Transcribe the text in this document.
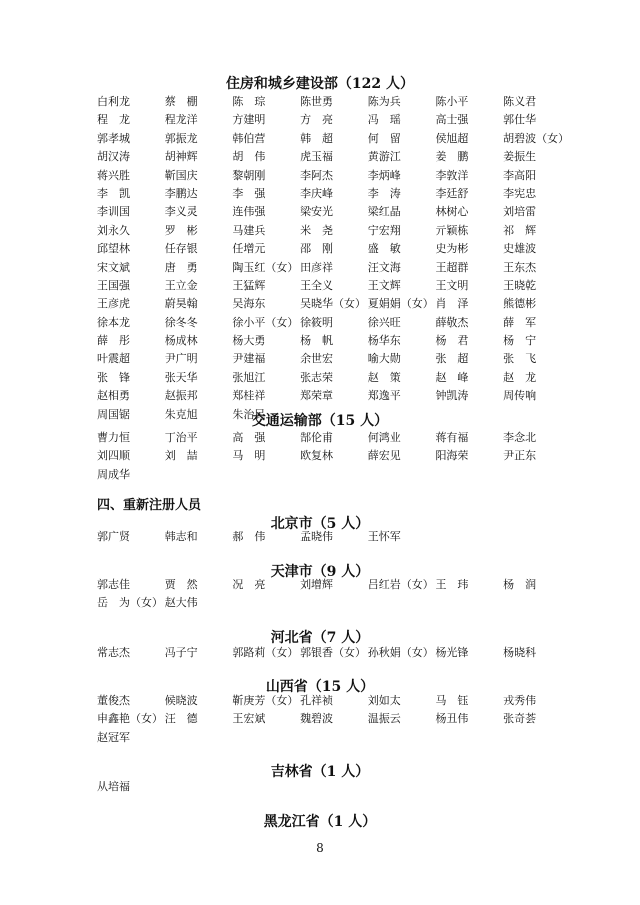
住房和城乡建设部（122 人）
白利龙	蔡　棚	陈　琮	陈世勇	陈为兵	陈小平	陈义君
程　龙	程龙洋	方建明	方　亮	冯　瑶	高士强	郭仕华
郭孝城	郭振龙	韩伯营	韩　超	何　留	侯旭超	胡碧波（女）
胡汉涛	胡神辉	胡　伟	虎玉福	黄游江	姜　鹏	姜振生
蒋兴胜	靳国庆	黎朝刚	李阿杰	李炳峰	李敦洋	李高阳
李　凯	李鹏达	李　强	李庆峰	李　涛	李廷舒	李宪忠
李训国	李义灵	连伟强	梁安光	梁红晶	林树心	刘培雷
刘永久	罗　彬	马建兵	米　尧	宁宏翔	亓颖栋	祁　辉
邱望林	任存银	任增元	邵　刚	盛　敏	史为彬	史雄波
宋文斌	唐　勇	陶玉红（女） 田彦祥	汪文海	王超群	王东杰
王国强	王立金	王猛辉	王全义	王文辉	王文明	王晓乾
王彦虎	蔚昊翰	吴海东	吴晓华（女） 夏娟娟（女） 肖　泽	熊德彬
徐本龙	徐冬冬	徐小平（女） 徐筱明	徐兴旺	薛敬杰	薛　军
薛　彤	杨成林	杨大勇	杨　帆	杨华东	杨　君	杨　宁
叶震超	尹广明	尹建福	余世宏	喻大勋	张　超	张　飞
张　锋	张天华	张旭江	张志荣	赵　策	赵　峰	赵　龙
赵相勇	赵振邦	郑桂祥	郑荣章	郑逸平	钟凯涛	周传响
周国锯	朱克旭	朱治民
交通运输部（15 人）
曹力恒	丁治平	高　强	郜伦甫	何鸿业	蒋有福	李念北
刘四顺	刘　喆	马　明	欧复林	薛宏见	阳海荣	尹正东
周成华
四、重新注册人员
北京市（5 人）
郭广贤	韩志和	郝　伟	孟晓伟	王怀军
天津市（9 人）
郭志佳	贾　然	况　亮	刘增辉	吕红岩（女） 王　玮	杨　润
岳　为（女） 赵大伟
河北省（7 人）
常志杰	冯子宁	郭路莉（女） 郭银香（女） 孙秋娟（女） 杨光锋	杨晓科
山西省（15 人）
董俊杰	候晓波	靳庚芳（女） 孔祥祯	刘如太	马　钰	戎秀伟
申鑫艳（女） 汪　德	王宏斌	魏碧波	温振云	杨丑伟	张奇荟
赵冠军
吉林省（1 人）
从培福
黑龙江省（1 人）
8
